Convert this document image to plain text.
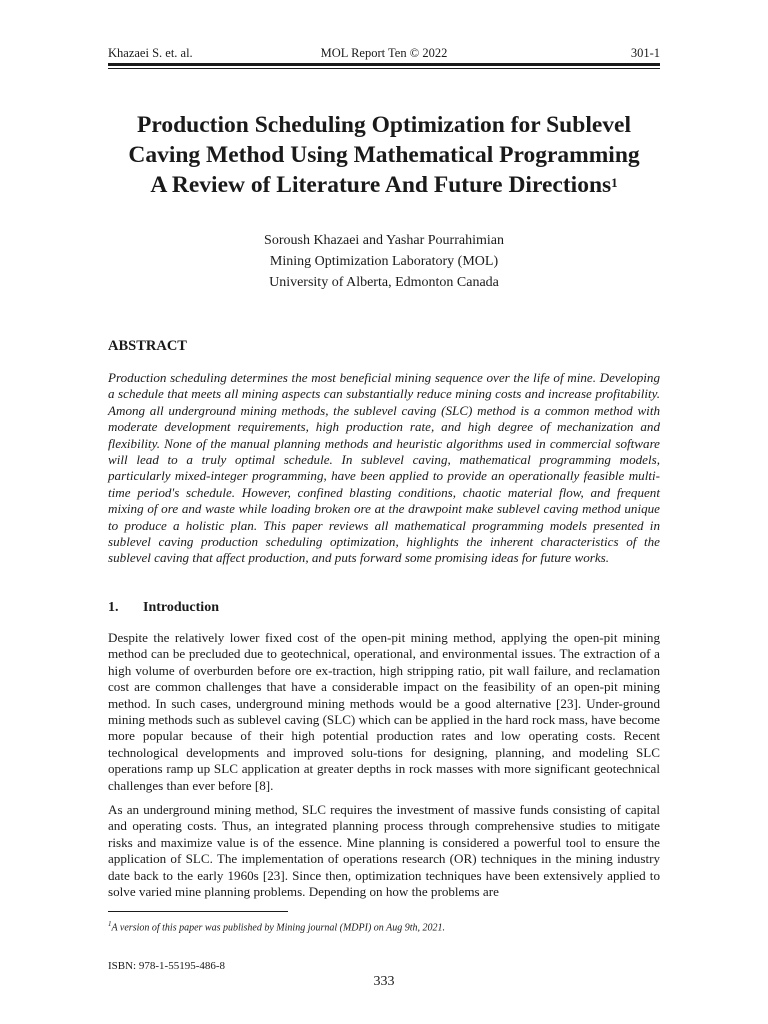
Khazaei S. et. al.	MOL Report Ten © 2022	301-1
Production Scheduling Optimization for Sublevel
Caving Method Using Mathematical Programming
A Review of Literature And Future Directions$^1$
Soroush Khazaei and Yashar Pourrahimian
Mining Optimization Laboratory (MOL)
University of Alberta, Edmonton Canada
ABSTRACT
Production scheduling determines the most beneficial mining sequence over the life of mine. Developing a schedule that meets all mining aspects can substantially reduce mining costs and increase profitability. Among all underground mining methods, the sublevel caving (SLC) method is a common method with moderate development requirements, high production rate, and high degree of mechanization and flexibility. None of the manual planning methods and heuristic algorithms used in commercial software will lead to a truly optimal schedule. In sublevel caving, mathematical programming models, particularly mixed-integer programming, have been applied to provide an operationally feasible multi-time period's schedule. However, confined blasting conditions, chaotic material flow, and frequent mixing of ore and waste while loading broken ore at the drawpoint make sublevel caving method unique to produce a holistic plan. This paper reviews all mathematical programming models presented in sublevel caving production scheduling optimization, highlights the inherent characteristics of the sublevel caving that affect production, and puts forward some promising ideas for future works.
1. Introduction
Despite the relatively lower fixed cost of the open-pit mining method, applying the open-pit mining method can be precluded due to geotechnical, operational, and environmental issues. The extraction of a high volume of overburden before ore ex-traction, high stripping ratio, pit wall failure, and reclamation cost are common challenges that have a considerable impact on the feasibility of an open-pit mining method. In such cases, underground mining methods would be a good alternative [23]. Under-ground mining methods such as sublevel caving (SLC) which can be applied in the hard rock mass, have become more popular because of their high potential production rates and low operating costs. Recent technological developments and improved solu-tions for designing, planning, and modeling SLC operations ramp up SLC application at greater depths in rock masses with more significant geotechnical challenges than ever before [8].
As an underground mining method, SLC requires the investment of massive funds consisting of capital and operating costs. Thus, an integrated planning process through comprehensive studies to mitigate risks and maximize value is of the essence. Mine planning is considered a powerful tool to ensure the application of SLC. The implementation of operations research (OR) techniques in the mining industry date back to the early 1960s [23]. Since then, optimization techniques have been extensively applied to solve varied mine planning problems. Depending on how the problems are
$^1$A version of this paper was published by Mining journal (MDPI) on Aug 9th, 2021.
ISBN: 978-1-55195-486-8
333
